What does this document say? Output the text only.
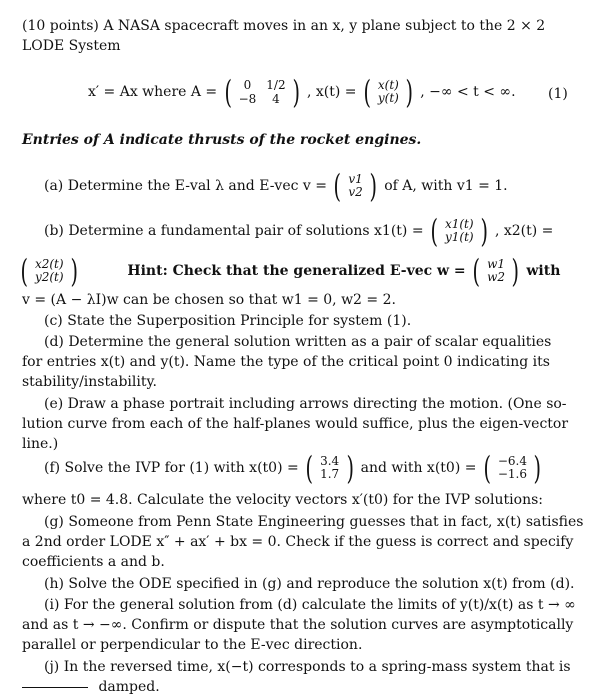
(10 points) A NASA spacecraft moves in an x, y plane subject to the 2 × 2
LODE System
x′ = Ax where A = ( 0	1/2
−8	4 ) , x(t) = ( x(t)
y(t) ) , −∞ < t < ∞. (1)
Entries of A indicate thrusts of the rocket engines.
(a) Determine the E-val λ and E-vec v = ( v1
v2 ) of A, with v1 = 1.
(b) Determine a fundamental pair of solutions x1(t) = ( x1(t)
y1(t) ) , x2(t) =
( x2(t)
y2(t) )	Hint: Check that the generalized E-vec w = ( w1
w2 ) with
v = (A − λI)w can be chosen so that w1 = 0, w2 = 2.
(c) State the Superposition Principle for system (1).
(d) Determine the general solution written as a pair of scalar equalities
for entries x(t) and y(t). Name the type of the critical point 0 indicating its
stability/instability.
(e) Draw a phase portrait including arrows directing the motion. (One so-
lution curve from each of the half-planes would suffice, plus the eigen-vector
line.)
(f) Solve the IVP for (1) with x(t0) = ( 3.4
1.7 ) and with x(t0) = ( −6.4
−1.6 )
where t0 = 4.8. Calculate the velocity vectors x′(t0) for the IVP solutions:
(g) Someone from Penn State Engineering guesses that in fact, x(t) satisfies
a 2nd order LODE x″ + ax′ + bx = 0. Check if the guess is correct and specify
coefficients a and b.
(h) Solve the ODE specified in (g) and reproduce the solution x(t) from (d).
(i) For the general solution from (d) calculate the limits of y(t)/x(t) as t → ∞
and as t → −∞. Confirm or dispute that the solution curves are asymptotically
parallel or perpendicular to the E-vec direction.
(j) In the reversed time, x(−t) corresponds to a spring-mass system that is
damped.
